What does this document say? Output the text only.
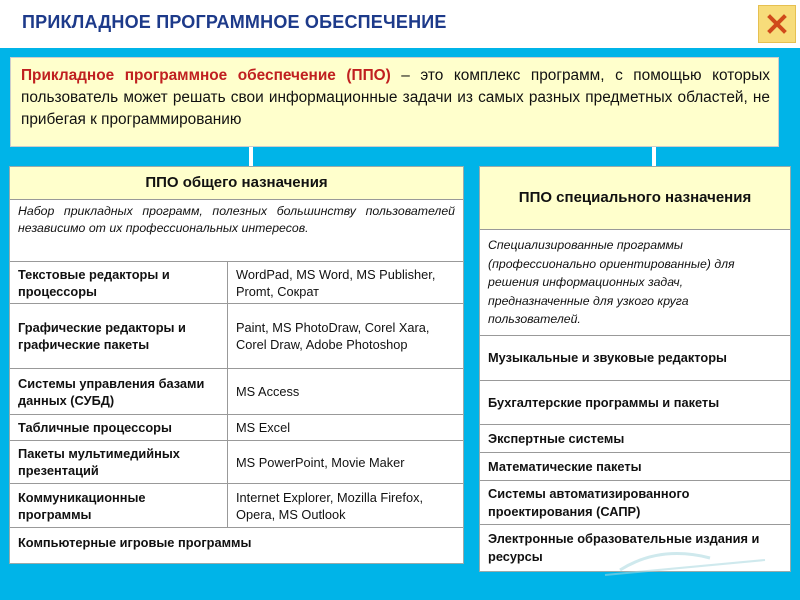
ПРИКЛАДНОЕ ПРОГРАММНОЕ ОБЕСПЕЧЕНИЕ
Прикладное программное обеспечение (ППО) – это комплекс программ, с помощью которых пользователь может решать свои информационные задачи из самых разных предметных областей, не прибегая к программированию
ППО общего назначения
Набор прикладных программ, полезных большинству пользователей независимо от их профессиональных интересов.
Текстовые редакторы и процессоры
WordPad, MS Word, MS Publisher, Promt, Сократ
Графические редакторы и графические пакеты
Paint, MS PhotoDraw, Corel Xara, Corel Draw, Adobe Photoshop
Системы управления базами данных (СУБД)
MS Access
Табличные процессоры	MS Excel
Пакеты мультимедийных презентаций
MS PowerPoint, Movie Maker
Коммуникационные программы
Internet Explorer, Mozilla Firefox, Opera, MS Outlook
Компьютерные игровые программы
ППО специального назначения
Специализированные программы (профессионально ориентированные) для решения информационных задач, предназначенные для узкого круга пользователей.
Музыкальные и звуковые редакторы
Бухгалтерские программы и пакеты
Экспертные системы
Математические пакеты
Системы автоматизированного проектирования (САПР)
Электронные образовательные издания и ресурсы
